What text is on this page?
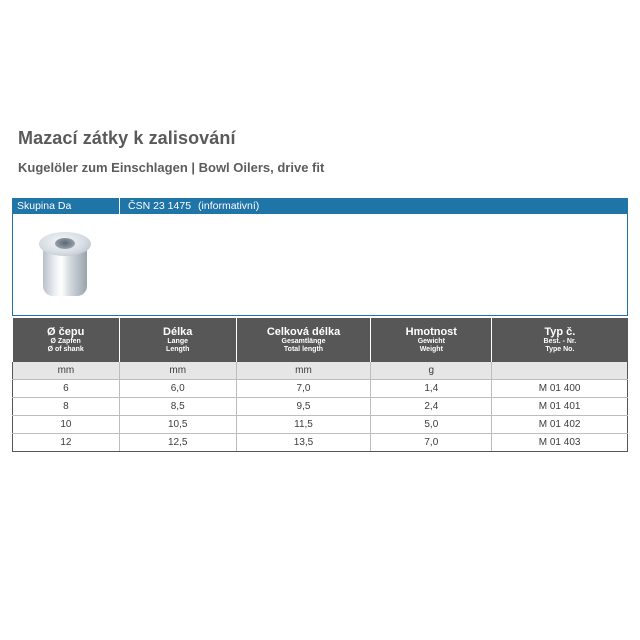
Mazací zátky k zalisování
Kugelöler zum Einschlagen | Bowl Oilers, drive fit
Skupina Da	ČSN 23 1475 (informativní)
Ø čepu
Ø Zapfen
Ø of shank	Délka
Lange
Length	Celková délka
Gesamtlänge
Total length	Hmotnost
Gewicht
Weight	Typ č.
Best. - Nr.
Type No.

mm	mm	mm	g	
6	6,0	7,0	1,4	M 01 400
8	8,5	9,5	2,4	M 01 401
10	10,5	11,5	5,0	M 01 402
12	12,5	13,5	7,0	M 01 403
